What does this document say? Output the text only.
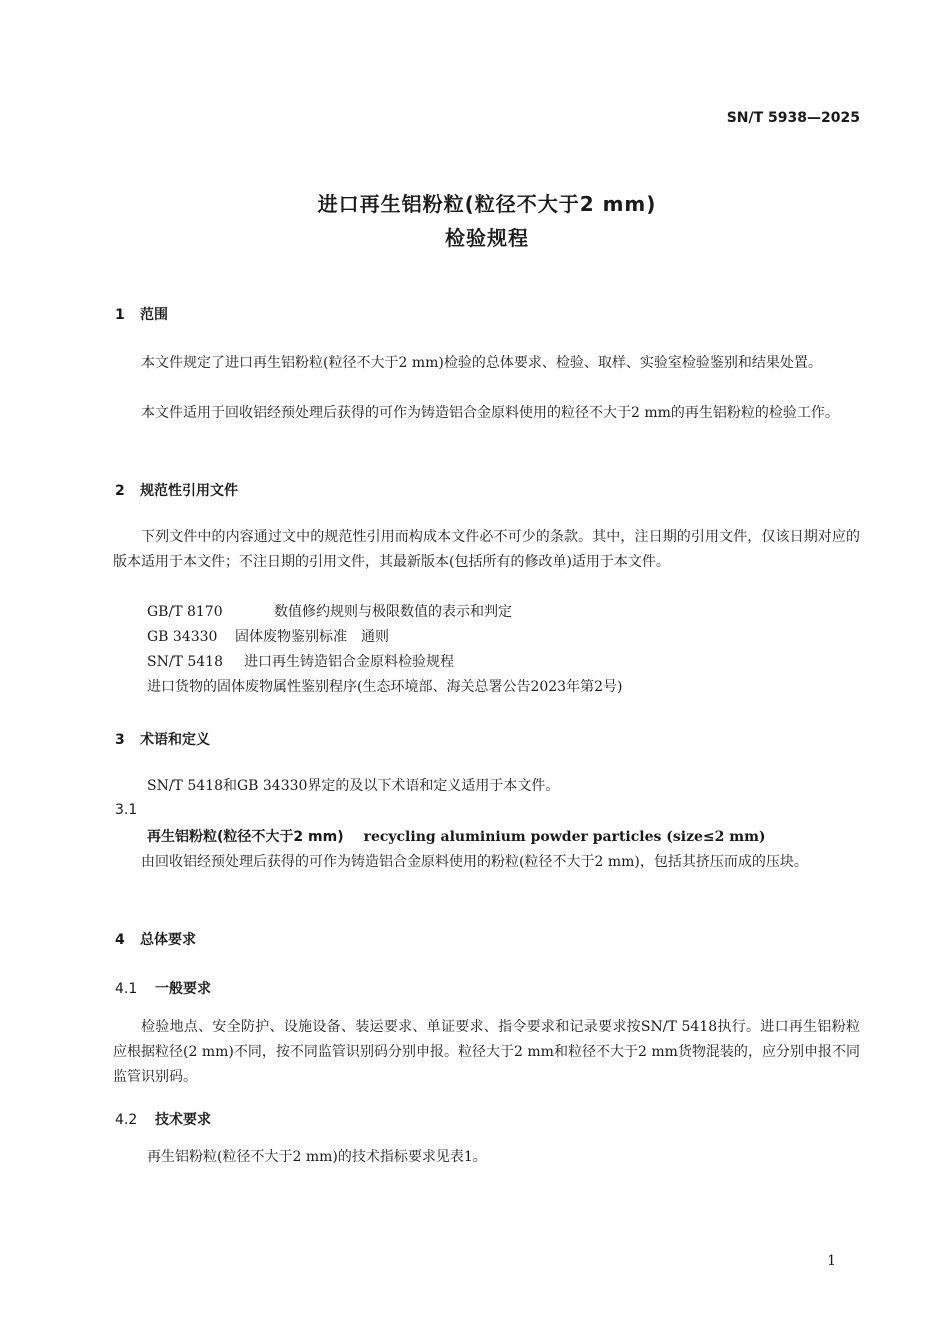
SN/T 5938—2025
进口再生铝粉粒(粒径不大于2 mm)
检验规程
1 范围
本文件规定了进口再生铝粉粒(粒径不大于2 mm)检验的总体要求、检验、取样、实验室检验鉴别和结果处置。
本文件适用于回收铝经预处理后获得的可作为铸造铝合金原料使用的粒径不大于2 mm的再生铝粉粒的检验工作。
2 规范性引用文件
下列文件中的内容通过文中的规范性引用而构成本文件必不可少的条款。其中，注日期的引用文件，仅该日期对应的版本适用于本文件；不注日期的引用文件，其最新版本(包括所有的修改单)适用于本文件。
GB/T 8170	数值修约规则与极限数值的表示和判定
GB 34330 固体废物鉴别标准　通则
SN/T 5418 进口再生铸造铝合金原料检验规程
进口货物的固体废物属性鉴别程序(生态环境部、海关总署公告2023年第2号)
3 术语和定义
SN/T 5418和GB 34330界定的及以下术语和定义适用于本文件。
3.1
再生铝粉粒(粒径不大于2 mm) recycling aluminium powder particles (size≤2 mm)
由回收铝经预处理后获得的可作为铸造铝合金原料使用的粉粒(粒径不大于2 mm)，包括其挤压而成的压块。
4 总体要求
4.1 一般要求
检验地点、安全防护、设施设备、装运要求、单证要求、指令要求和记录要求按SN/T 5418执行。进口再生铝粉粒应根据粒径(2 mm)不同，按不同监管识别码分别申报。粒径大于2 mm和粒径不大于2 mm货物混装的，应分别申报不同监管识别码。
4.2 技术要求
再生铝粉粒(粒径不大于2 mm)的技术指标要求见表1。
1
